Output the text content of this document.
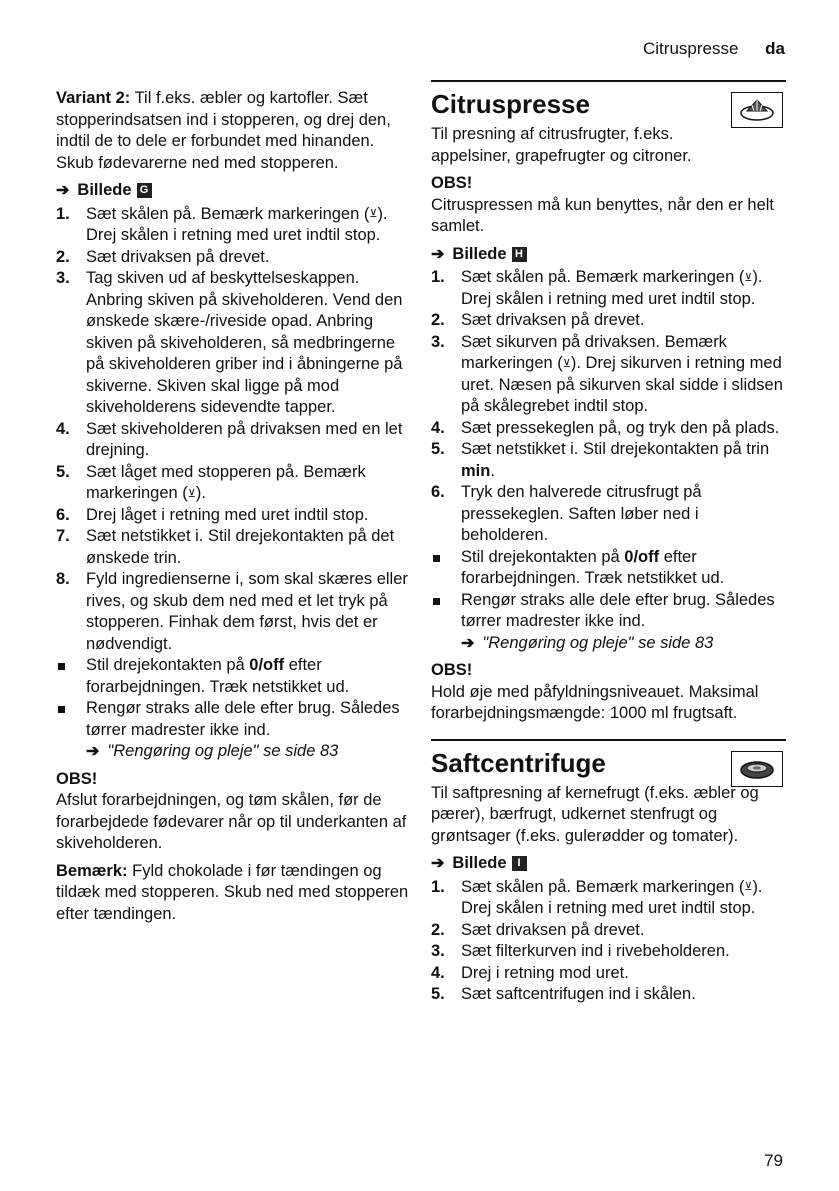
Citruspresse da

Variant 2: Til f.eks. æbler og kartofler. Sæt stopperindsatsen ind i stopperen, og drej den, indtil de to dele er forbundet med hinanden. Skub fødevarerne ned med stopperen.

➔ Billede G
1. Sæt skålen på. Bemærk markeringen (⊻). Drej skålen i retning med uret indtil stop.
2. Sæt drivaksen på drevet.
3. Tag skiven ud af beskyttelseskappen. Anbring skiven på skiveholderen. Vend den ønskede skære-/riveside opad. Anbring skiven på skiveholderen, så medbringerne på skiveholderen griber ind i åbningerne på skiverne. Skiven skal ligge på mod skiveholderens sidevendte tapper.
4. Sæt skiveholderen på drivaksen med en let drejning.
5. Sæt låget med stopperen på. Bemærk markeringen (⊻).
6. Drej låget i retning med uret indtil stop.
7. Sæt netstikket i. Stil drejekontakten på det ønskede trin.
8. Fyld ingredienserne i, som skal skæres eller rives, og skub dem ned med et let tryk på stopperen. Finhak dem først, hvis det er nødvendigt.
Stil drejekontakten på 0/off efter forarbejdningen. Træk netstikket ud.
Rengør straks alle dele efter brug. Således tørrer madrester ikke ind.
➔ "Rengøring og pleje" se side 83
OBS!

Afslut forarbejdningen, og tøm skålen, før de forarbejdede fødevarer når op til underkanten af skiveholderen.

Bemærk: Fyld chokolade i før tændingen og tildæk med stopperen. Skub ned med stopperen efter tændingen.

Citruspresse

Til presning af citrusfrugter, f.eks. appelsiner, grapefrugter og citroner.

OBS!

Citruspressen må kun benyttes, når den er helt samlet.

➔ Billede H
1. Sæt skålen på. Bemærk markeringen (⊻). Drej skålen i retning med uret indtil stop.
2. Sæt drivaksen på drevet.
3. Sæt sikurven på drivaksen. Bemærk markeringen (⊻). Drej sikurven i retning med uret. Næsen på sikurven skal sidde i slidsen på skålegrebet indtil stop.
4. Sæt pressekeglen på, og tryk den på plads.
5. Sæt netstikket i. Stil drejekontakten på trin min.
6. Tryk den halverede citrusfrugt på pressekeglen. Saften løber ned i beholderen.
Stil drejekontakten på 0/off efter forarbejdningen. Træk netstikket ud.
Rengør straks alle dele efter brug. Således tørrer madrester ikke ind.
➔ "Rengøring og pleje" se side 83
OBS!

Hold øje med påfyldningsniveauet. Maksimal forarbejdningsmængde: 1000 ml frugtsaft.

Saftcentrifuge

Til saftpresning af kernefrugt (f.eks. æbler og pærer), bærfrugt, udkernet stenfrugt og grøntsager (f.eks. gulerødder og tomater).

➔ Billede I
1. Sæt skålen på. Bemærk markeringen (⊻). Drej skålen i retning med uret indtil stop.
2. Sæt drivaksen på drevet.
3. Sæt filterkurven ind i rivebeholderen.
4. Drej i retning mod uret.
5. Sæt saftcentrifugen ind i skålen.
79
